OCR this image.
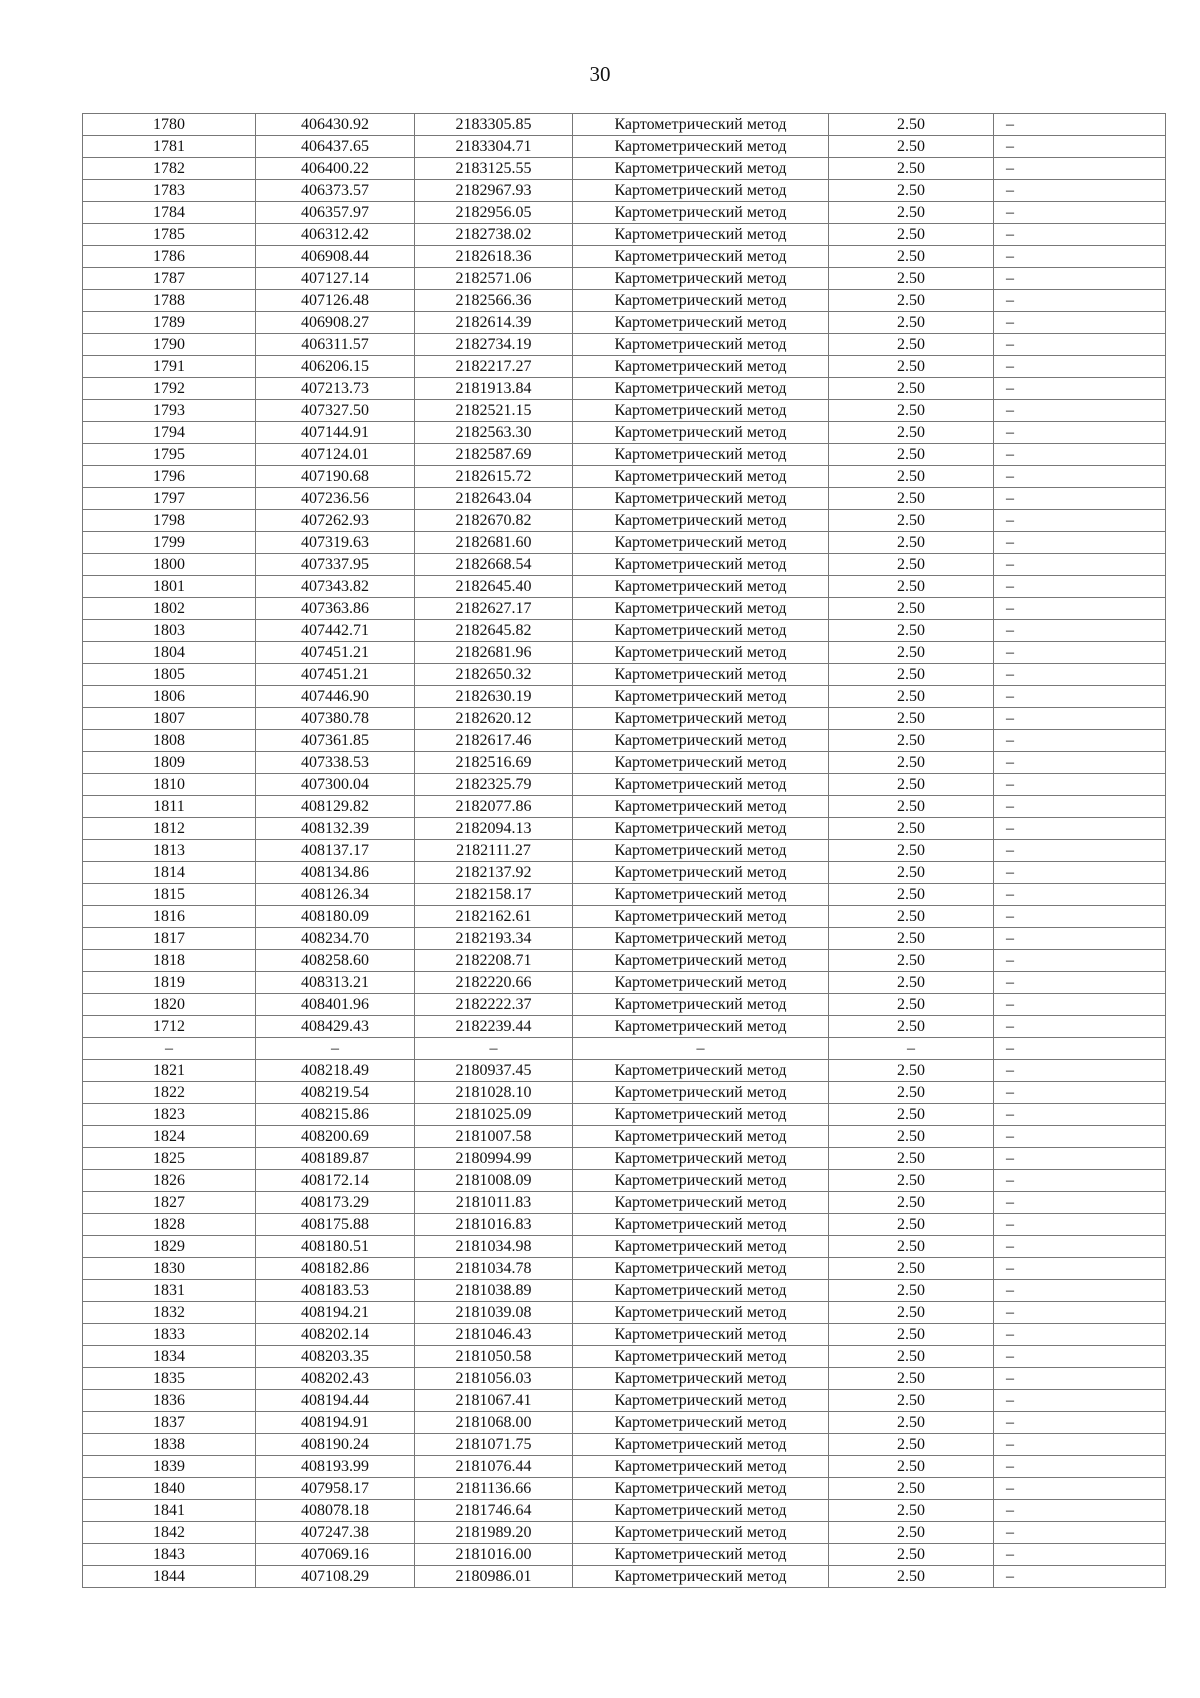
30
1780	406430.92	2183305.85	Картометрический метод	2.50	–
1781	406437.65	2183304.71	Картометрический метод	2.50	–
1782	406400.22	2183125.55	Картометрический метод	2.50	–
1783	406373.57	2182967.93	Картометрический метод	2.50	–
1784	406357.97	2182956.05	Картометрический метод	2.50	–
1785	406312.42	2182738.02	Картометрический метод	2.50	–
1786	406908.44	2182618.36	Картометрический метод	2.50	–
1787	407127.14	2182571.06	Картометрический метод	2.50	–
1788	407126.48	2182566.36	Картометрический метод	2.50	–
1789	406908.27	2182614.39	Картометрический метод	2.50	–
1790	406311.57	2182734.19	Картометрический метод	2.50	–
1791	406206.15	2182217.27	Картометрический метод	2.50	–
1792	407213.73	2181913.84	Картометрический метод	2.50	–
1793	407327.50	2182521.15	Картометрический метод	2.50	–
1794	407144.91	2182563.30	Картометрический метод	2.50	–
1795	407124.01	2182587.69	Картометрический метод	2.50	–
1796	407190.68	2182615.72	Картометрический метод	2.50	–
1797	407236.56	2182643.04	Картометрический метод	2.50	–
1798	407262.93	2182670.82	Картометрический метод	2.50	–
1799	407319.63	2182681.60	Картометрический метод	2.50	–
1800	407337.95	2182668.54	Картометрический метод	2.50	–
1801	407343.82	2182645.40	Картометрический метод	2.50	–
1802	407363.86	2182627.17	Картометрический метод	2.50	–
1803	407442.71	2182645.82	Картометрический метод	2.50	–
1804	407451.21	2182681.96	Картометрический метод	2.50	–
1805	407451.21	2182650.32	Картометрический метод	2.50	–
1806	407446.90	2182630.19	Картометрический метод	2.50	–
1807	407380.78	2182620.12	Картометрический метод	2.50	–
1808	407361.85	2182617.46	Картометрический метод	2.50	–
1809	407338.53	2182516.69	Картометрический метод	2.50	–
1810	407300.04	2182325.79	Картометрический метод	2.50	–
1811	408129.82	2182077.86	Картометрический метод	2.50	–
1812	408132.39	2182094.13	Картометрический метод	2.50	–
1813	408137.17	2182111.27	Картометрический метод	2.50	–
1814	408134.86	2182137.92	Картометрический метод	2.50	–
1815	408126.34	2182158.17	Картометрический метод	2.50	–
1816	408180.09	2182162.61	Картометрический метод	2.50	–
1817	408234.70	2182193.34	Картометрический метод	2.50	–
1818	408258.60	2182208.71	Картометрический метод	2.50	–
1819	408313.21	2182220.66	Картометрический метод	2.50	–
1820	408401.96	2182222.37	Картометрический метод	2.50	–
1712	408429.43	2182239.44	Картометрический метод	2.50	–
–	–	–	–	–	–
1821	408218.49	2180937.45	Картометрический метод	2.50	–
1822	408219.54	2181028.10	Картометрический метод	2.50	–
1823	408215.86	2181025.09	Картометрический метод	2.50	–
1824	408200.69	2181007.58	Картометрический метод	2.50	–
1825	408189.87	2180994.99	Картометрический метод	2.50	–
1826	408172.14	2181008.09	Картометрический метод	2.50	–
1827	408173.29	2181011.83	Картометрический метод	2.50	–
1828	408175.88	2181016.83	Картометрический метод	2.50	–
1829	408180.51	2181034.98	Картометрический метод	2.50	–
1830	408182.86	2181034.78	Картометрический метод	2.50	–
1831	408183.53	2181038.89	Картометрический метод	2.50	–
1832	408194.21	2181039.08	Картометрический метод	2.50	–
1833	408202.14	2181046.43	Картометрический метод	2.50	–
1834	408203.35	2181050.58	Картометрический метод	2.50	–
1835	408202.43	2181056.03	Картометрический метод	2.50	–
1836	408194.44	2181067.41	Картометрический метод	2.50	–
1837	408194.91	2181068.00	Картометрический метод	2.50	–
1838	408190.24	2181071.75	Картометрический метод	2.50	–
1839	408193.99	2181076.44	Картометрический метод	2.50	–
1840	407958.17	2181136.66	Картометрический метод	2.50	–
1841	408078.18	2181746.64	Картометрический метод	2.50	–
1842	407247.38	2181989.20	Картометрический метод	2.50	–
1843	407069.16	2181016.00	Картометрический метод	2.50	–
1844	407108.29	2180986.01	Картометрический метод	2.50	–
